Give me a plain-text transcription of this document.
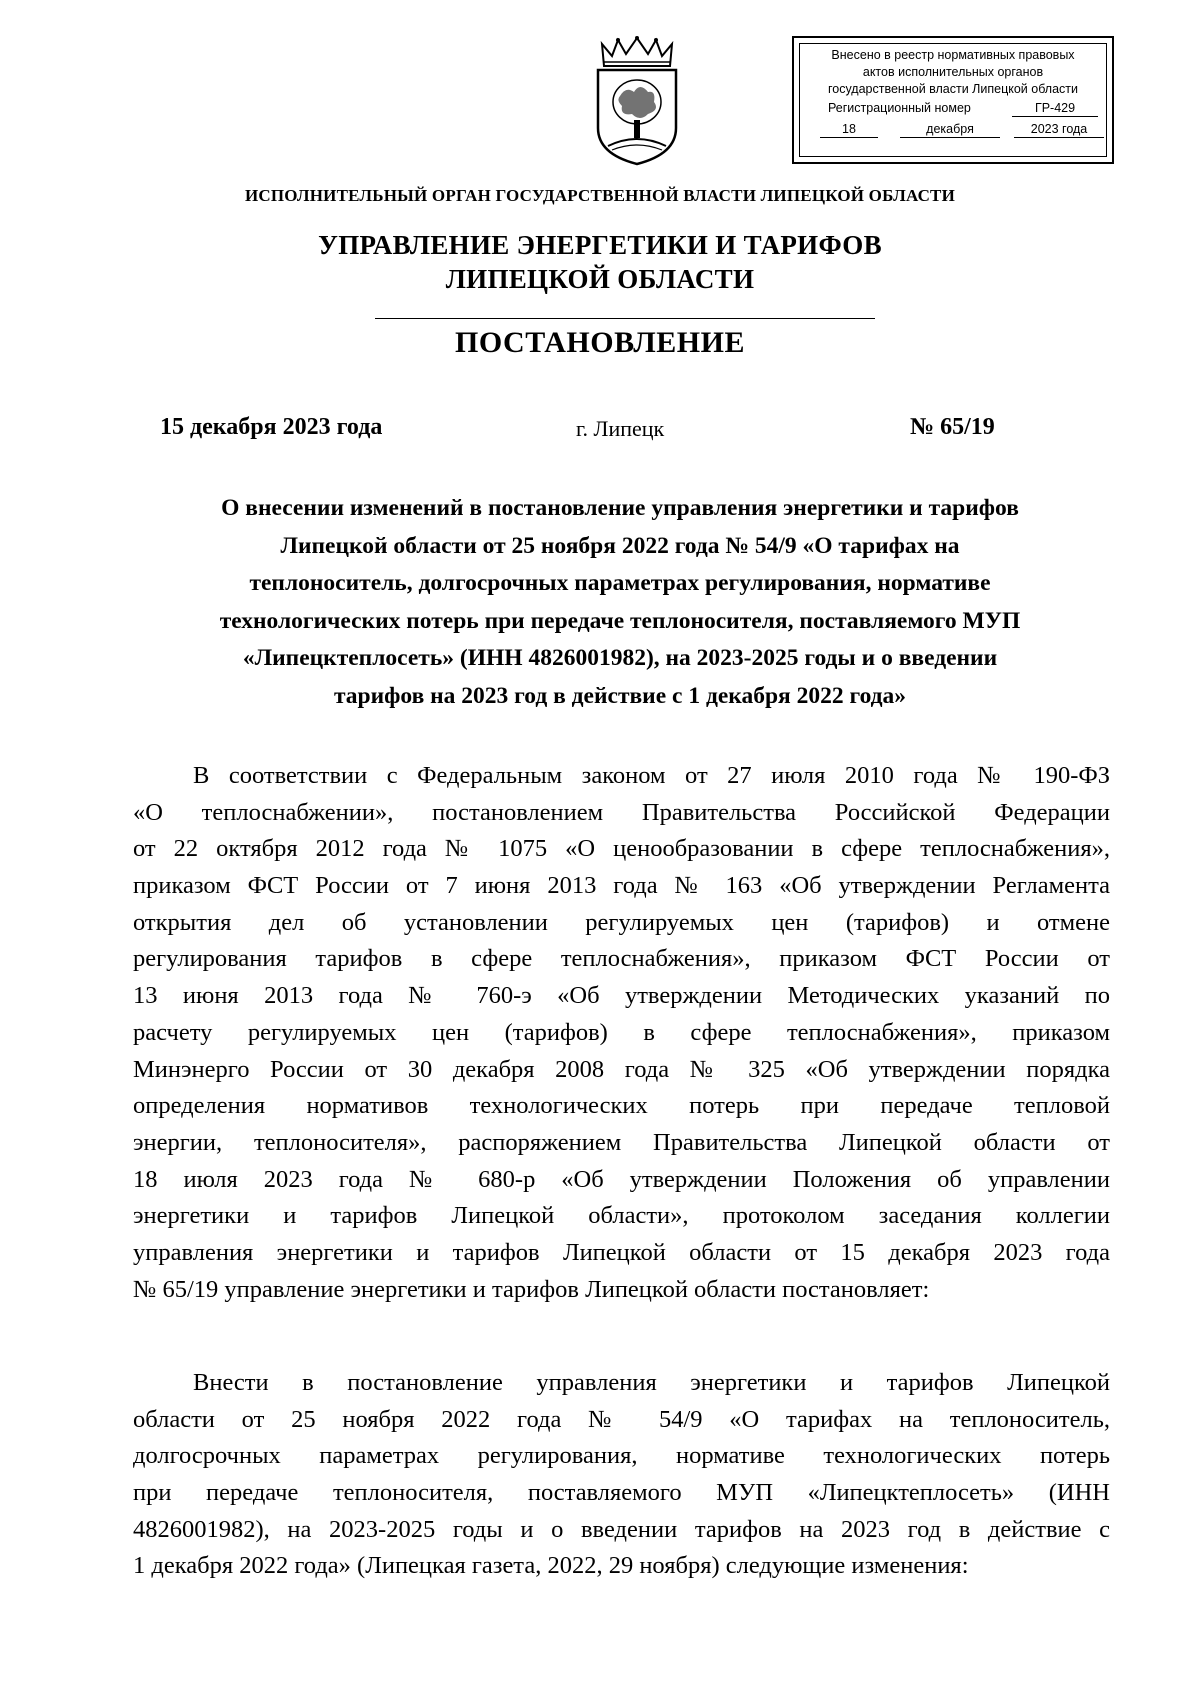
Внесено в реестр нормативных правовых
актов исполнительных органов
государственной власти Липецкой области
Регистрационный номер	ГР-429
18	декабря	2023 года
ИСПОЛНИТЕЛЬНЫЙ ОРГАН ГОСУДАРСТВЕННОЙ ВЛАСТИ ЛИПЕЦКОЙ ОБЛАСТИ
УПРАВЛЕНИЕ ЭНЕРГЕТИКИ И ТАРИФОВ
ЛИПЕЦКОЙ ОБЛАСТИ
ПОСТАНОВЛЕНИЕ
15 декабря 2023 года	г. Липецк	№ 65/19
О внесении изменений в постановление управления энергетики и тарифов
Липецкой области от 25 ноября 2022 года № 54/9 «О тарифах на
теплоноситель, долгосрочных параметрах регулирования, нормативе
технологических потерь при передаче теплоносителя, поставляемого МУП
«Липецктеплосеть» (ИНН 4826001982), на 2023-2025 годы и о введении
тарифов на 2023 год в действие с 1 декабря 2022 года»
В соответствии с Федеральным законом от 27 июля 2010 года № 190-ФЗ
«О теплоснабжении», постановлением Правительства Российской Федерации
от 22 октября 2012 года № 1075 «О ценообразовании в сфере теплоснабжения»,
приказом ФСТ России от 7 июня 2013 года № 163 «Об утверждении Регламента
открытия дел об установлении регулируемых цен (тарифов) и отмене
регулирования тарифов в сфере теплоснабжения», приказом ФСТ России от
13 июня 2013 года № 760-э «Об утверждении Методических указаний по
расчету регулируемых цен (тарифов) в сфере теплоснабжения», приказом
Минэнерго России от 30 декабря 2008 года № 325 «Об утверждении порядка
определения нормативов технологических потерь при передаче тепловой
энергии, теплоносителя», распоряжением Правительства Липецкой области от
18 июля 2023 года № 680-р «Об утверждении Положения об управлении
энергетики и тарифов Липецкой области», протоколом заседания коллегии
управления энергетики и тарифов Липецкой области от 15 декабря 2023 года
№ 65/19 управление энергетики и тарифов Липецкой области постановляет:
Внести в постановление управления энергетики и тарифов Липецкой
области от 25 ноября 2022 года № 54/9 «О тарифах на теплоноситель,
долгосрочных параметрах регулирования, нормативе технологических потерь
при передаче теплоносителя, поставляемого МУП «Липецктеплосеть» (ИНН
4826001982), на 2023-2025 годы и о введении тарифов на 2023 год в действие с
1 декабря 2022 года» (Липецкая газета, 2022, 29 ноября) следующие изменения:
